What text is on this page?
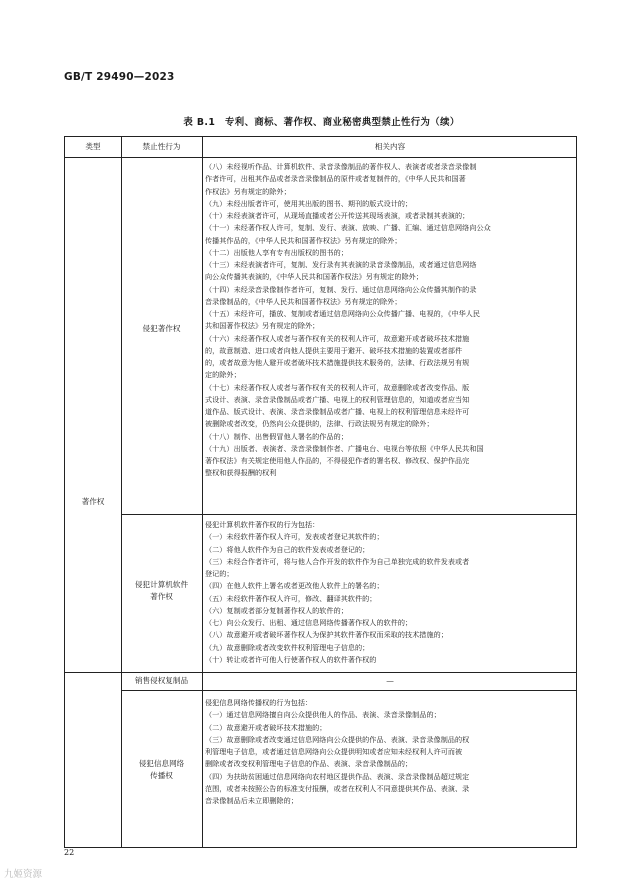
GB/T 29490—2023
表 B.1　专利、商标、著作权、商业秘密典型禁止性行为（续）
类型	禁止性行为	相关内容
著作权
侵犯著作权
侵犯计算机软件著作权
销售侵权复制品
侵犯信息网络传播权

（八）未经视听作品、计算机软件、录音录像制品的著作权人、表演者或者录音录像制

作者许可，出租其作品或者录音录像制品的原件或者复制件的，《中华人民共和国著

作权法》另有规定的除外；

（九）未经出版者许可，使用其出版的图书、期刊的版式设计的；

（十）未经表演者许可，从现场直播或者公开传送其现场表演，或者录制其表演的；

（十一）未经著作权人许可，复制、发行、表演、放映、广播、汇编、通过信息网络向公众

传播其作品的，《中华人民共和国著作权法》另有规定的除外；

（十二）出版他人享有专有出版权的图书的；

（十三）未经表演者许可，复制、发行录有其表演的录音录像制品，或者通过信息网络

向公众传播其表演的，《中华人民共和国著作权法》另有规定的除外；

（十四）未经录音录像制作者许可，复制、发行、通过信息网络向公众传播其制作的录

音录像制品的，《中华人民共和国著作权法》另有规定的除外；

（十五）未经许可，播放、复制或者通过信息网络向公众传播广播、电视的，《中华人民

共和国著作权法》另有规定的除外；

（十六）未经著作权人或者与著作权有关的权利人许可，故意避开或者破坏技术措施

的，故意制造、进口或者向他人提供主要用于避开、破坏技术措施的装置或者部件

的，或者故意为他人避开或者破坏技术措施提供技术服务的，法律、行政法规另有规

定的除外；

（十七）未经著作权人或者与著作权有关的权利人许可，故意删除或者改变作品、版

式设计、表演、录音录像制品或者广播、电视上的权利管理信息的，知道或者应当知

道作品、版式设计、表演、录音录像制品或者广播、电视上的权利管理信息未经许可

被删除或者改变，仍然向公众提供的，法律、行政法规另有规定的除外；

（十八）制作、出售假冒他人署名的作品的；

（十九）出版者、表演者、录音录像制作者、广播电台、电视台等依照《中华人民共和国

著作权法》有关规定使用他人作品的，不得侵犯作者的署名权、修改权、保护作品完

整权和获得报酬的权利

侵犯计算机软件著作权的行为包括：

（一）未经软件著作权人许可，发表或者登记其软件的；

（二）将他人软件作为自己的软件发表或者登记的；

（三）未经合作者许可，将与他人合作开发的软件作为自己单独完成的软件发表或者

登记的；

（四）在他人软件上署名或者更改他人软件上的署名的；

（五）未经软件著作权人许可，修改、翻译其软件的；

（六）复制或者部分复制著作权人的软件的；

（七）向公众发行、出租、通过信息网络传播著作权人的软件的；

（八）故意避开或者破坏著作权人为保护其软件著作权而采取的技术措施的；

（九）故意删除或者改变软件权利管理电子信息的；

（十）转让或者许可他人行使著作权人的软件著作权的

—

侵犯信息网络传播权的行为包括：

（一）通过信息网络擅自向公众提供他人的作品、表演、录音录像制品的；

（二）故意避开或者破坏技术措施的；

（三）故意删除或者改变通过信息网络向公众提供的作品、表演、录音录像制品的权

利管理电子信息，或者通过信息网络向公众提供明知或者应知未经权利人许可而被

删除或者改变权利管理电子信息的作品、表演、录音录像制品的；

（四）为扶助贫困通过信息网络向农村地区提供作品、表演、录音录像制品超过规定

范围，或者未按照公告的标准支付报酬，或者在权利人不同意提供其作品、表演、录

音录像制品后未立即删除的；

22
九姬资源
